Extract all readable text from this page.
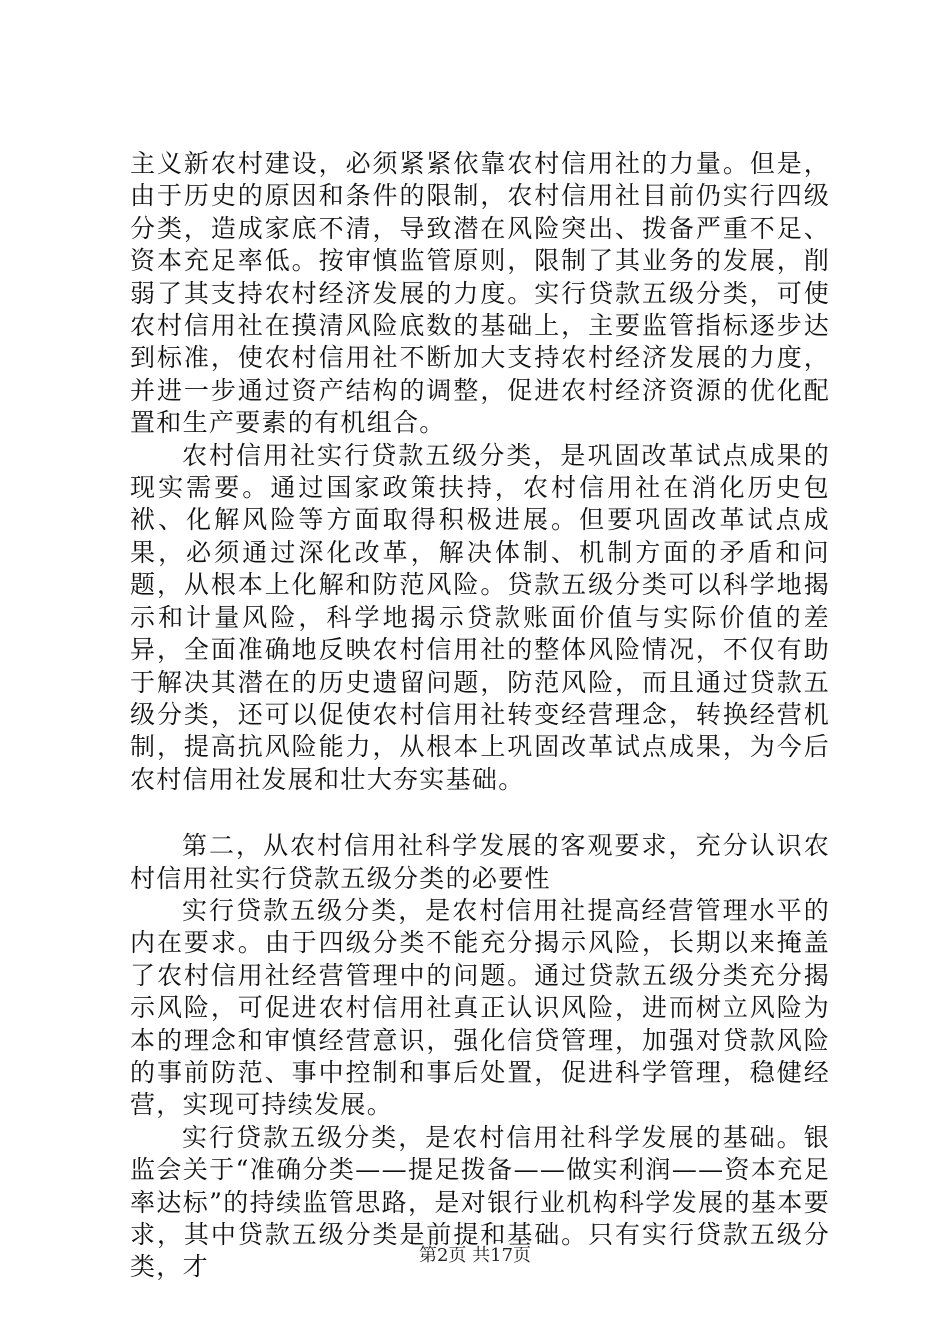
主义新农村建设，必须紧紧依靠农村信用社的力量。但是，由于历史的原因和条件的限制，农村信用社目前仍实行四级分类，造成家底不清，导致潜在风险突出、拨备严重不足、资本充足率低。按审慎监管原则，限制了其业务的发展，削弱了其支持农村经济发展的力度。实行贷款五级分类，可使农村信用社在摸清风险底数的基础上，主要监管指标逐步达到标准，使农村信用社不断加大支持农村经济发展的力度，并进一步通过资产结构的调整，促进农村经济资源的优化配置和生产要素的有机组合。

农村信用社实行贷款五级分类，是巩固改革试点成果的现实需要。通过国家政策扶持，农村信用社在消化历史包袱、化解风险等方面取得积极进展。但要巩固改革试点成果，必须通过深化改革，解决体制、机制方面的矛盾和问题，从根本上化解和防范风险。贷款五级分类可以科学地揭示和计量风险，科学地揭示贷款账面价值与实际价值的差异，全面准确地反映农村信用社的整体风险情况，不仅有助于解决其潜在的历史遗留问题，防范风险，而且通过贷款五级分类，还可以促使农村信用社转变经营理念，转换经营机制，提高抗风险能力，从根本上巩固改革试点成果，为今后农村信用社发展和壮大夯实基础。

第二，从农村信用社科学发展的客观要求，充分认识农村信用社实行贷款五级分类的必要性

实行贷款五级分类，是农村信用社提高经营管理水平的内在要求。由于四级分类不能充分揭示风险，长期以来掩盖了农村信用社经营管理中的问题。通过贷款五级分类充分揭示风险，可促进农村信用社真正认识风险，进而树立风险为本的理念和审慎经营意识，强化信贷管理，加强对贷款风险的事前防范、事中控制和事后处置，促进科学管理，稳健经营，实现可持续发展。

实行贷款五级分类，是农村信用社科学发展的基础。银监会关于“准确分类——提足拨备——做实利润——资本充足率达标”的持续监管思路，是对银行业机构科学发展的基本要求，其中贷款五级分类是前提和基础。只有实行贷款五级分类，才	第2页 共17页
